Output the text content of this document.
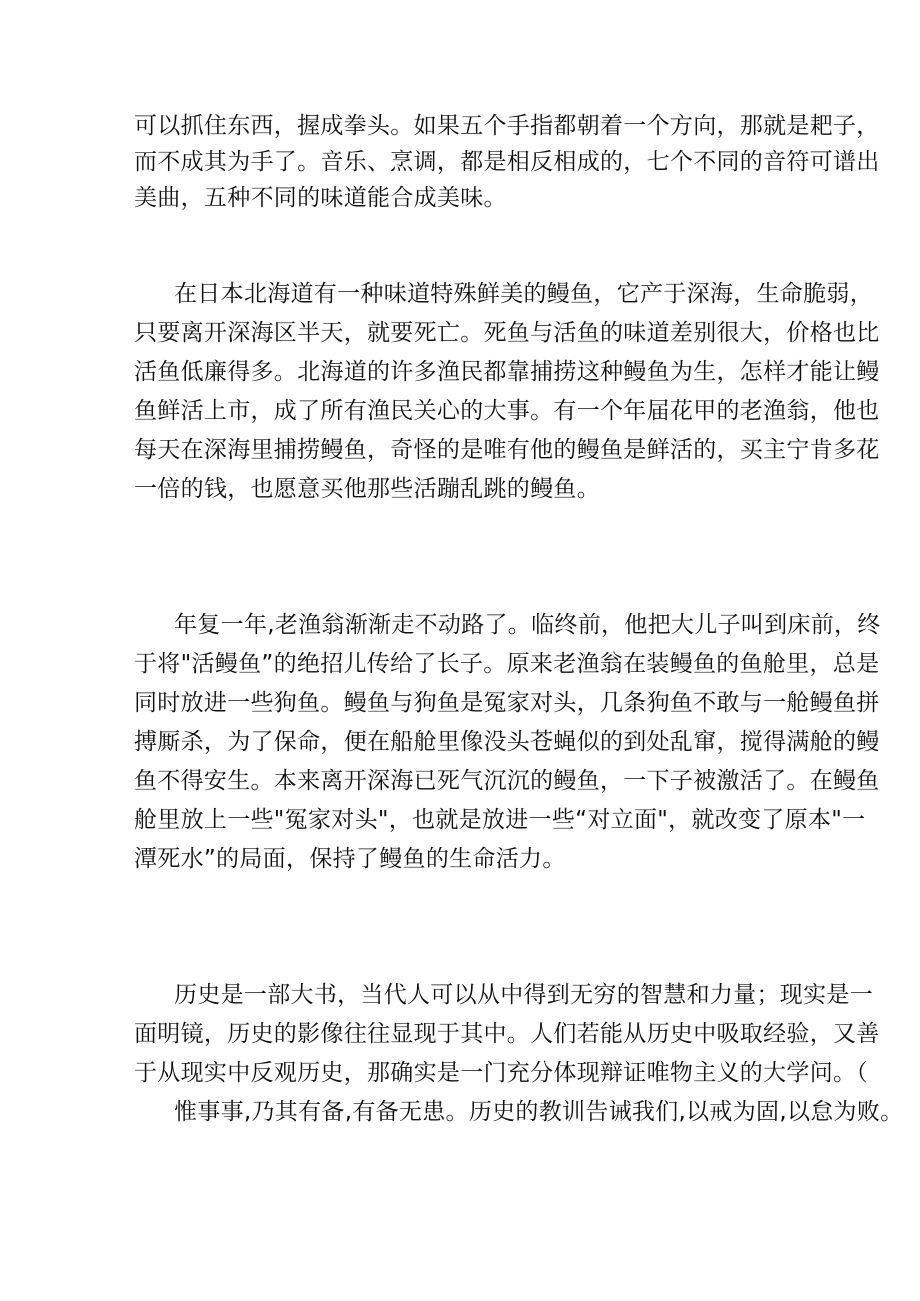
可以抓住东西，握成拳头。如果五个手指都朝着一个方向，那就是耙子，
而不成其为手了。音乐、烹调，都是相反相成的，七个不同的音符可谱出
美曲，五种不同的味道能合成美味。
在日本北海道有一种味道特殊鲜美的鳗鱼，它产于深海，生命脆弱，
只要离开深海区半天，就要死亡。死鱼与活鱼的味道差别很大，价格也比
活鱼低廉得多。北海道的许多渔民都靠捕捞这种鳗鱼为生，怎样才能让鳗
鱼鲜活上市，成了所有渔民关心的大事。有一个年届花甲的老渔翁，他也
每天在深海里捕捞鳗鱼，奇怪的是唯有他的鳗鱼是鲜活的，买主宁肯多花
一倍的钱，也愿意买他那些活蹦乱跳的鳗鱼。
年复一年,老渔翁渐渐走不动路了。临终前，他把大儿子叫到床前，终
于将"活鳗鱼”的绝招儿传给了长子。原来老渔翁在装鳗鱼的鱼舱里，总是
同时放进一些狗鱼。鳗鱼与狗鱼是冤家对头，几条狗鱼不敢与一舱鳗鱼拼
搏厮杀，为了保命，便在船舱里像没头苍蝇似的到处乱窜，搅得满舱的鳗
鱼不得安生。本来离开深海已死气沉沉的鳗鱼，一下子被激活了。在鳗鱼
舱里放上一些"冤家对头"，也就是放进一些“对立面"，就改变了原本"一
潭死水”的局面，保持了鳗鱼的生命活力。
历史是一部大书，当代人可以从中得到无穷的智慧和力量；现实是一
面明镜，历史的影像往往显现于其中。人们若能从历史中吸取经验，又善
于从现实中反观历史，那确实是一门充分体现辩证唯物主义的大学问。（
惟事事,乃其有备,有备无患。历史的教训告诫我们,以戒为固,以怠为败。
